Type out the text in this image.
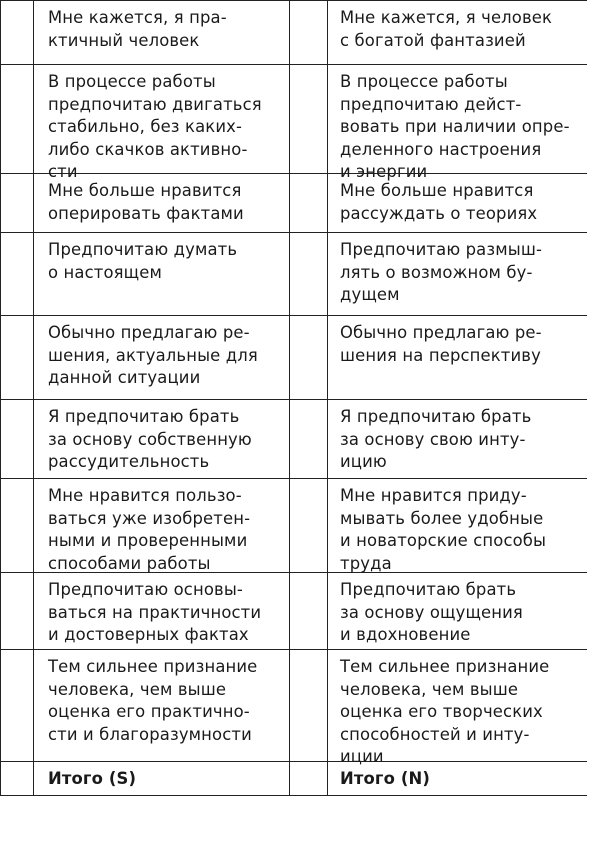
Мне кажется, я пра-
ктичный человек
Мне кажется, я человек
с богатой фантазией
В процессе работы
предпочитаю двигаться
стабильно, без каких-
либо скачков активно-
сти
В процессе работы
предпочитаю дейст-
вовать при наличии опре-
деленного настроения
и энергии
Мне больше нравится
оперировать фактами
Мне больше нравится
рассуждать о теориях
Предпочитаю думать
о настоящем
Предпочитаю размыш-
лять о возможном бу-
дущем
Обычно предлагаю ре-
шения, актуальные для
данной ситуации
Обычно предлагаю ре-
шения на перспективу
Я предпочитаю брать
за основу собственную
рассудительность
Я предпочитаю брать
за основу свою инту-
ицию
Мне нравится пользо-
ваться уже изобретен-
ными и проверенными
способами работы
Мне нравится приду-
мывать более удобные
и новаторские способы
труда
Предпочитаю основы-
ваться на практичности
и достоверных фактах
Предпочитаю брать
за основу ощущения
и вдохновение
Тем сильнее признание
человека, чем выше
оценка его практично-
сти и благоразумности
Тем сильнее признание
человека, чем выше
оценка его творческих
способностей и инту-
иции
Итого (S)	Итого (N)
